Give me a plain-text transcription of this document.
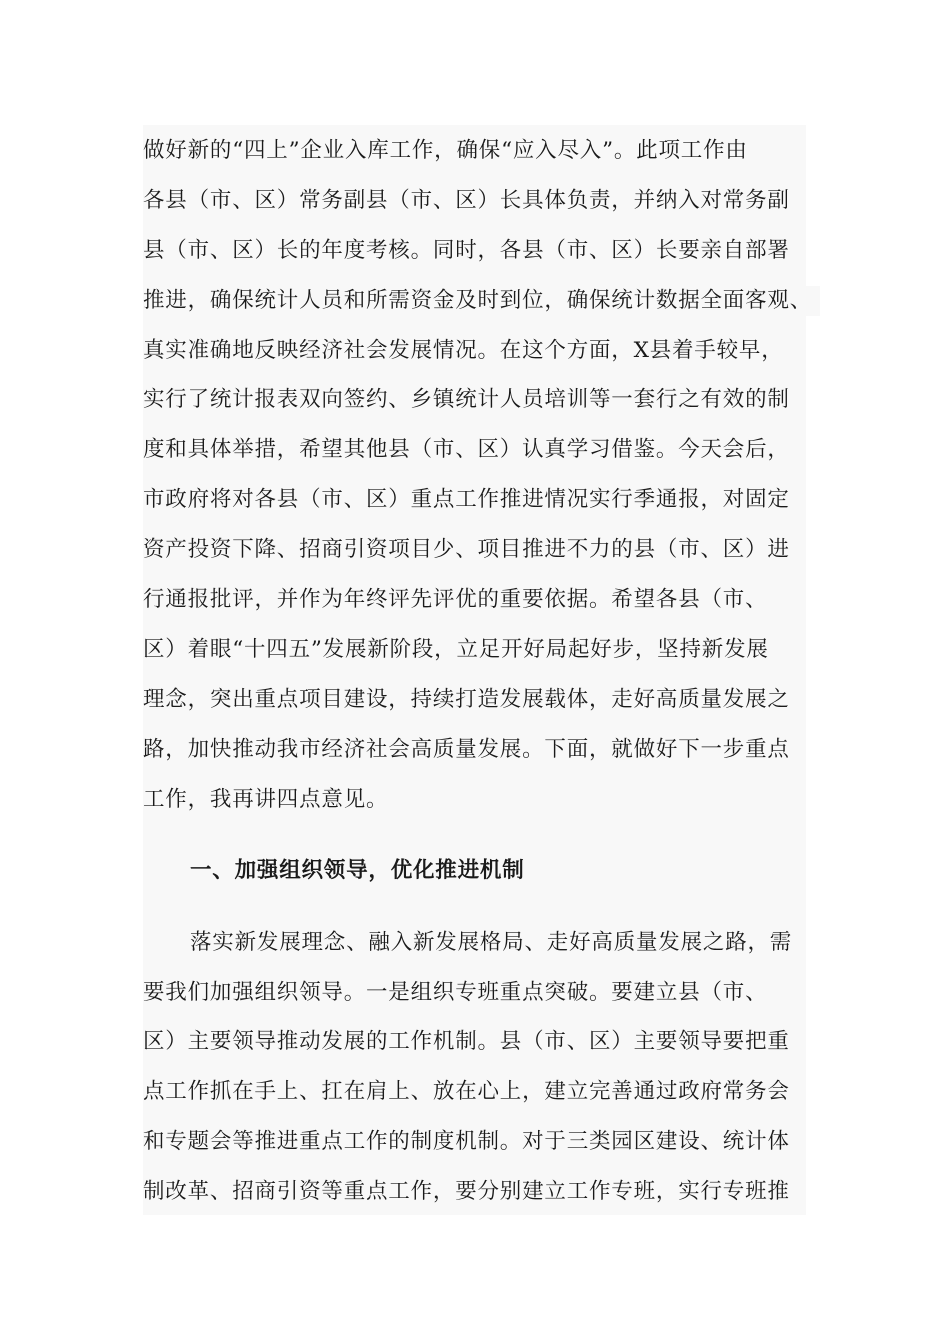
做好新的“四上”企业入库工作，确保“应入尽入”。此项工作由
各县（市、区）常务副县（市、区）长具体负责，并纳入对常务副
县（市、区）长的年度考核。同时，各县（市、区）长要亲自部署
推进，确保统计人员和所需资金及时到位，确保统计数据全面客观、
真实准确地反映经济社会发展情况。在这个方面，X县着手较早，
实行了统计报表双向签约、乡镇统计人员培训等一套行之有效的制
度和具体举措，希望其他县（市、区）认真学习借鉴。今天会后，
市政府将对各县（市、区）重点工作推进情况实行季通报，对固定
资产投资下降、招商引资项目少、项目推进不力的县（市、区）进
行通报批评，并作为年终评先评优的重要依据。希望各县（市、
区）着眼“十四五”发展新阶段，立足开好局起好步，坚持新发展
理念，突出重点项目建设，持续打造发展载体，走好高质量发展之
路，加快推动我市经济社会高质量发展。下面，就做好下一步重点
工作，我再讲四点意见。
一、加强组织领导，优化推进机制
落实新发展理念、融入新发展格局、走好高质量发展之路，需
要我们加强组织领导。一是组织专班重点突破。要建立县（市、
区）主要领导推动发展的工作机制。县（市、区）主要领导要把重
点工作抓在手上、扛在肩上、放在心上，建立完善通过政府常务会
和专题会等推进重点工作的制度机制。对于三类园区建设、统计体
制改革、招商引资等重点工作，要分别建立工作专班，实行专班推
